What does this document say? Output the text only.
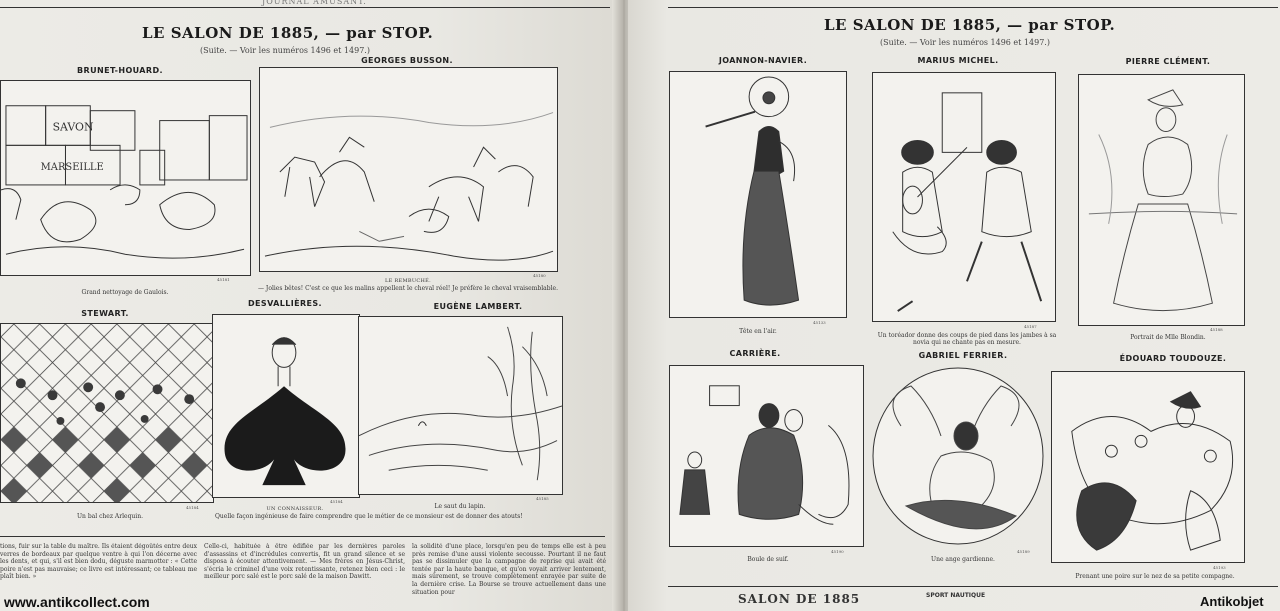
JOURNAL AMUSANT.
LE SALON DE 1885, — par STOP.
(Suite. — Voir les numéros 1496 et 1497.)
BRUNET-HOUARD.
SAVON
MARSEILLE
Grand nettoyage de Gaulois.
45181
GEORGES BUSSON.
LE REMBUCHÉ.
— Jolies bêtes! C'est ce que les malins appellent le cheval réel! Je préfère le cheval vraisemblable.
45180
STEWART.
Un bal chez Arlequin.
45184
DESVALLIÈRES.
UN CONNAISSEUR.
Quelle façon ingénieuse de faire comprendre que le métier de ce monsieur est de donner des atouts!
45184
EUGÈNE LAMBERT.
Le saut du lapin.
45185
tions, fuir sur la table du maître. Ils étaient dégoûtés entre deux verres de bordeaux par quelque ventre à qui l'on décerne avec les dents, et qui, s'il est bien dodu, déguste marmotter : « Cette poire n'est pas mauvaise; ce livre est intéressant; ce tableau me plaît bien. »
Celle-ci, habituée à être édifiée par les dernières paroles d'assassins et d'incrédules convertis, fit un grand silence et se disposa à écouter attentivement. — Mes frères en Jésus-Christ, s'écria le criminel d'une voix retentissante, retenez bien ceci : le meilleur porc salé est le porc salé de la maison Dawitt.
la solidité d'une place, lorsqu'en peu de temps elle est à peu près remise d'une aussi violente secousse. Pourtant il ne faut pas se dissimuler que la campagne de reprise qui avait été tentée par la haute banque, et qu'on voyait arriver lentement, mais sûrement, se trouve complètement enrayée par suite de la dernière crise. La Bourse se trouve actuellement dans une situation pour
www.antikcollect.com
LE SALON DE 1885, — par STOP.
(Suite. — Voir les numéros 1496 et 1497.)
JOANNON-NAVIER.
Tête en l'air.
45133
MARIUS MICHEL.
Un toréador donne des coups de pied dans les jambes à sa novia qui ne chante pas en mesure.
45187
PIERRE CLÉMENT.
Portrait de Mlle Blondin.
45188
CARRIÈRE.
Boule de suif.
45190
GABRIEL FERRIER.
Une ange gardienne.
45189
ÉDOUARD TOUDOUZE.
Prenant une poire sur le nez de sa petite compagne.
45193
SALON DE 1885	SPORT NAUTIQUE	Antikobjet
